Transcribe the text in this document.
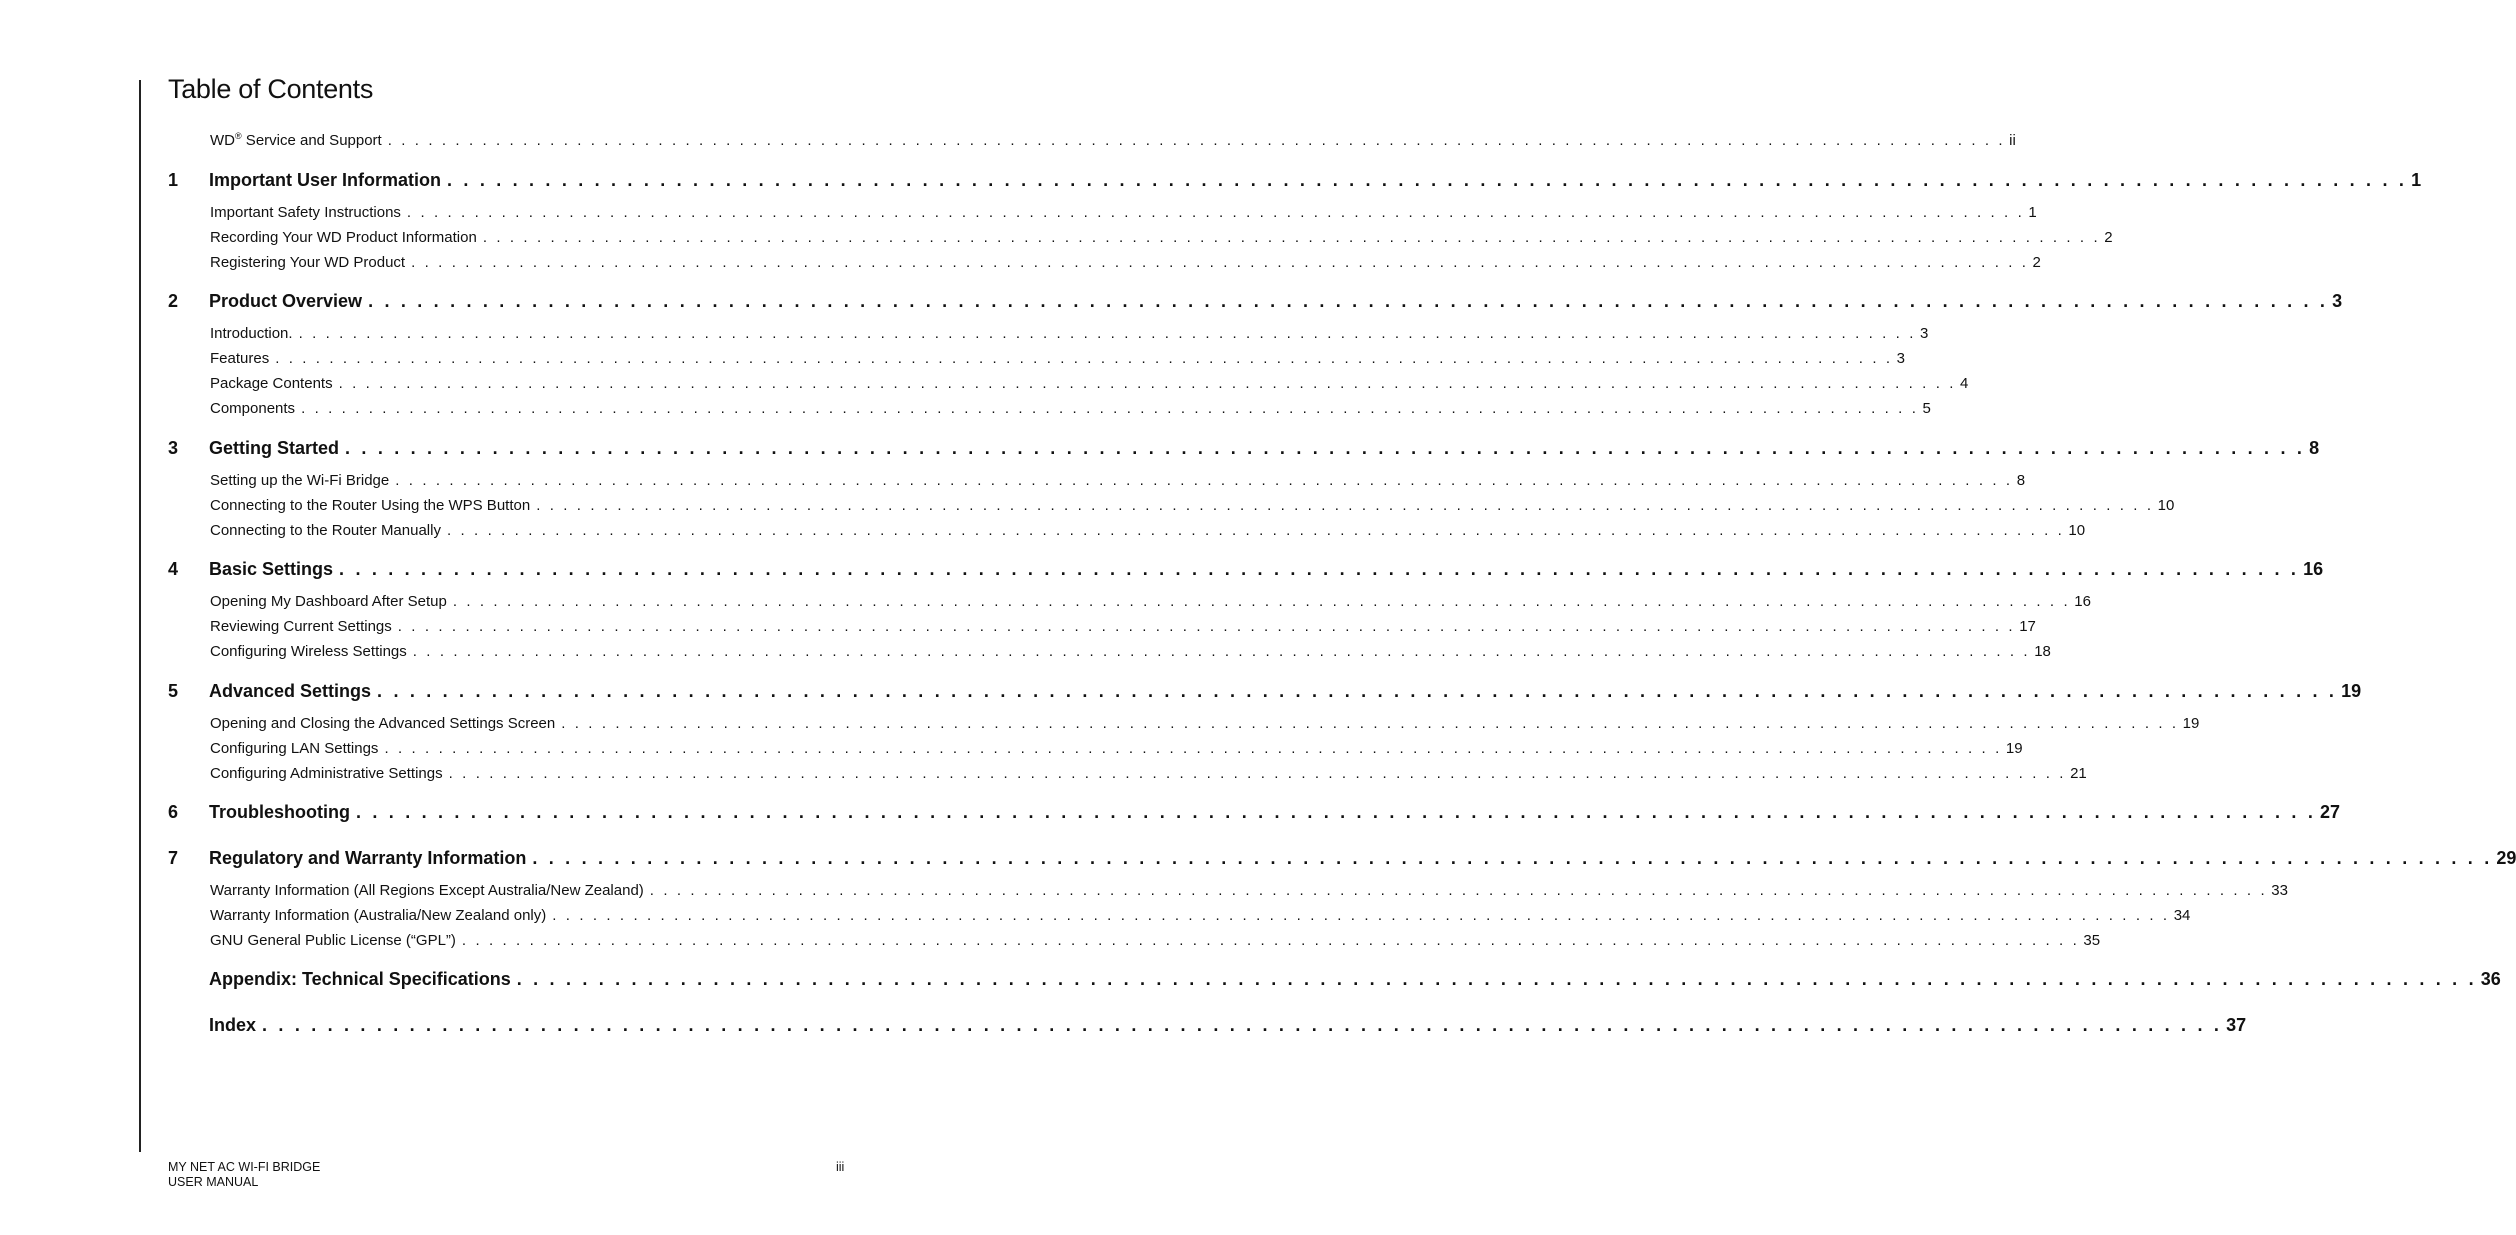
Table of Contents
WD® Service and Support . . . . . . . . . . . . . . . . . . . . . . . . . . . . . . . . . . . . . . . . . . . . . . . . . . . . . . . . . . . . . . . . . . . . . . . . . . . . . . . . . . . . . . . . . . . . . . . . . . . . . . . . . . . . . . . . . . . . . . . . ii
1	Important User Information . . . . . . . . . . . . . . . . . . . . . . . . . . . . . . . . . . . . . . . . . . . . . . . . . . . . . . . . . . . . . . . . . . . . . . . . . . . . . . . . . . . . . . . . . . . . . . . . . . . . . . . . . . . . . . . . . . . . . . . . 1
Important Safety Instructions . . . . . . . . . . . . . . . . . . . . . . . . . . . . . . . . . . . . . . . . . . . . . . . . . . . . . . . . . . . . . . . . . . . . . . . . . . . . . . . . . . . . . . . . . . . . . . . . . . . . . . . . . . . . . . . . . . . . . . . . 1
Recording Your WD Product Information . . . . . . . . . . . . . . . . . . . . . . . . . . . . . . . . . . . . . . . . . . . . . . . . . . . . . . . . . . . . . . . . . . . . . . . . . . . . . . . . . . . . . . . . . . . . . . . . . . . . . . . . . . . . . . . . . . . . . . . . 2
Registering Your WD Product . . . . . . . . . . . . . . . . . . . . . . . . . . . . . . . . . . . . . . . . . . . . . . . . . . . . . . . . . . . . . . . . . . . . . . . . . . . . . . . . . . . . . . . . . . . . . . . . . . . . . . . . . . . . . . . . . . . . . . . . 2
2	Product Overview . . . . . . . . . . . . . . . . . . . . . . . . . . . . . . . . . . . . . . . . . . . . . . . . . . . . . . . . . . . . . . . . . . . . . . . . . . . . . . . . . . . . . . . . . . . . . . . . . . . . . . . . . . . . . . . . . . . . . . . . 3
Introduction. . . . . . . . . . . . . . . . . . . . . . . . . . . . . . . . . . . . . . . . . . . . . . . . . . . . . . . . . . . . . . . . . . . . . . . . . . . . . . . . . . . . . . . . . . . . . . . . . . . . . . . . . . . . . . . . . . . . . . . . . 3
Features . . . . . . . . . . . . . . . . . . . . . . . . . . . . . . . . . . . . . . . . . . . . . . . . . . . . . . . . . . . . . . . . . . . . . . . . . . . . . . . . . . . . . . . . . . . . . . . . . . . . . . . . . . . . . . . . . . . . . . . . 3
Package Contents . . . . . . . . . . . . . . . . . . . . . . . . . . . . . . . . . . . . . . . . . . . . . . . . . . . . . . . . . . . . . . . . . . . . . . . . . . . . . . . . . . . . . . . . . . . . . . . . . . . . . . . . . . . . . . . . . . . . . . . . 4
Components . . . . . . . . . . . . . . . . . . . . . . . . . . . . . . . . . . . . . . . . . . . . . . . . . . . . . . . . . . . . . . . . . . . . . . . . . . . . . . . . . . . . . . . . . . . . . . . . . . . . . . . . . . . . . . . . . . . . . . . . 5
3	Getting Started . . . . . . . . . . . . . . . . . . . . . . . . . . . . . . . . . . . . . . . . . . . . . . . . . . . . . . . . . . . . . . . . . . . . . . . . . . . . . . . . . . . . . . . . . . . . . . . . . . . . . . . . . . . . . . . . . . . . . . . . 8
Setting up the Wi-Fi Bridge . . . . . . . . . . . . . . . . . . . . . . . . . . . . . . . . . . . . . . . . . . . . . . . . . . . . . . . . . . . . . . . . . . . . . . . . . . . . . . . . . . . . . . . . . . . . . . . . . . . . . . . . . . . . . . . . . . . . . . . . 8
Connecting to the Router Using the WPS Button . . . . . . . . . . . . . . . . . . . . . . . . . . . . . . . . . . . . . . . . . . . . . . . . . . . . . . . . . . . . . . . . . . . . . . . . . . . . . . . . . . . . . . . . . . . . . . . . . . . . . . . . . . . . . . . . . . . . . . . . 10
Connecting to the Router Manually . . . . . . . . . . . . . . . . . . . . . . . . . . . . . . . . . . . . . . . . . . . . . . . . . . . . . . . . . . . . . . . . . . . . . . . . . . . . . . . . . . . . . . . . . . . . . . . . . . . . . . . . . . . . . . . . . . . . . . . . 10
4	Basic Settings . . . . . . . . . . . . . . . . . . . . . . . . . . . . . . . . . . . . . . . . . . . . . . . . . . . . . . . . . . . . . . . . . . . . . . . . . . . . . . . . . . . . . . . . . . . . . . . . . . . . . . . . . . . . . . . . . . . . . . . . 16
Opening My Dashboard After Setup . . . . . . . . . . . . . . . . . . . . . . . . . . . . . . . . . . . . . . . . . . . . . . . . . . . . . . . . . . . . . . . . . . . . . . . . . . . . . . . . . . . . . . . . . . . . . . . . . . . . . . . . . . . . . . . . . . . . . . . . 16
Reviewing Current Settings . . . . . . . . . . . . . . . . . . . . . . . . . . . . . . . . . . . . . . . . . . . . . . . . . . . . . . . . . . . . . . . . . . . . . . . . . . . . . . . . . . . . . . . . . . . . . . . . . . . . . . . . . . . . . . . . . . . . . . . . 17
Configuring Wireless Settings . . . . . . . . . . . . . . . . . . . . . . . . . . . . . . . . . . . . . . . . . . . . . . . . . . . . . . . . . . . . . . . . . . . . . . . . . . . . . . . . . . . . . . . . . . . . . . . . . . . . . . . . . . . . . . . . . . . . . . . . 18
5	Advanced Settings . . . . . . . . . . . . . . . . . . . . . . . . . . . . . . . . . . . . . . . . . . . . . . . . . . . . . . . . . . . . . . . . . . . . . . . . . . . . . . . . . . . . . . . . . . . . . . . . . . . . . . . . . . . . . . . . . . . . . . . . 19
Opening and Closing the Advanced Settings Screen . . . . . . . . . . . . . . . . . . . . . . . . . . . . . . . . . . . . . . . . . . . . . . . . . . . . . . . . . . . . . . . . . . . . . . . . . . . . . . . . . . . . . . . . . . . . . . . . . . . . . . . . . . . . . . . . . . . . . . . . 19
Configuring LAN Settings . . . . . . . . . . . . . . . . . . . . . . . . . . . . . . . . . . . . . . . . . . . . . . . . . . . . . . . . . . . . . . . . . . . . . . . . . . . . . . . . . . . . . . . . . . . . . . . . . . . . . . . . . . . . . . . . . . . . . . . . 19
Configuring Administrative Settings . . . . . . . . . . . . . . . . . . . . . . . . . . . . . . . . . . . . . . . . . . . . . . . . . . . . . . . . . . . . . . . . . . . . . . . . . . . . . . . . . . . . . . . . . . . . . . . . . . . . . . . . . . . . . . . . . . . . . . . . 21
6	Troubleshooting . . . . . . . . . . . . . . . . . . . . . . . . . . . . . . . . . . . . . . . . . . . . . . . . . . . . . . . . . . . . . . . . . . . . . . . . . . . . . . . . . . . . . . . . . . . . . . . . . . . . . . . . . . . . . . . . . . . . . . . . 27
7	Regulatory and Warranty Information . . . . . . . . . . . . . . . . . . . . . . . . . . . . . . . . . . . . . . . . . . . . . . . . . . . . . . . . . . . . . . . . . . . . . . . . . . . . . . . . . . . . . . . . . . . . . . . . . . . . . . . . . . . . . . . . . . . . . . . . 29
Warranty Information (All Regions Except Australia/New Zealand) . . . . . . . . . . . . . . . . . . . . . . . . . . . . . . . . . . . . . . . . . . . . . . . . . . . . . . . . . . . . . . . . . . . . . . . . . . . . . . . . . . . . . . . . . . . . . . . . . . . . . . . . . . . . . . . . . . . . . . . . 33
Warranty Information (Australia/New Zealand only) . . . . . . . . . . . . . . . . . . . . . . . . . . . . . . . . . . . . . . . . . . . . . . . . . . . . . . . . . . . . . . . . . . . . . . . . . . . . . . . . . . . . . . . . . . . . . . . . . . . . . . . . . . . . . . . . . . . . . . . . 34
GNU General Public License (“GPL”) . . . . . . . . . . . . . . . . . . . . . . . . . . . . . . . . . . . . . . . . . . . . . . . . . . . . . . . . . . . . . . . . . . . . . . . . . . . . . . . . . . . . . . . . . . . . . . . . . . . . . . . . . . . . . . . . . . . . . . . . 35
Appendix: Technical Specifications . . . . . . . . . . . . . . . . . . . . . . . . . . . . . . . . . . . . . . . . . . . . . . . . . . . . . . . . . . . . . . . . . . . . . . . . . . . . . . . . . . . . . . . . . . . . . . . . . . . . . . . . . . . . . . . . . . . . . . . . 36
Index . . . . . . . . . . . . . . . . . . . . . . . . . . . . . . . . . . . . . . . . . . . . . . . . . . . . . . . . . . . . . . . . . . . . . . . . . . . . . . . . . . . . . . . . . . . . . . . . . . . . . . . . . . . . . . . . . . . . . . . . 37
MY NET AC WI-FI BRIDGE
USER MANUAL
iii
